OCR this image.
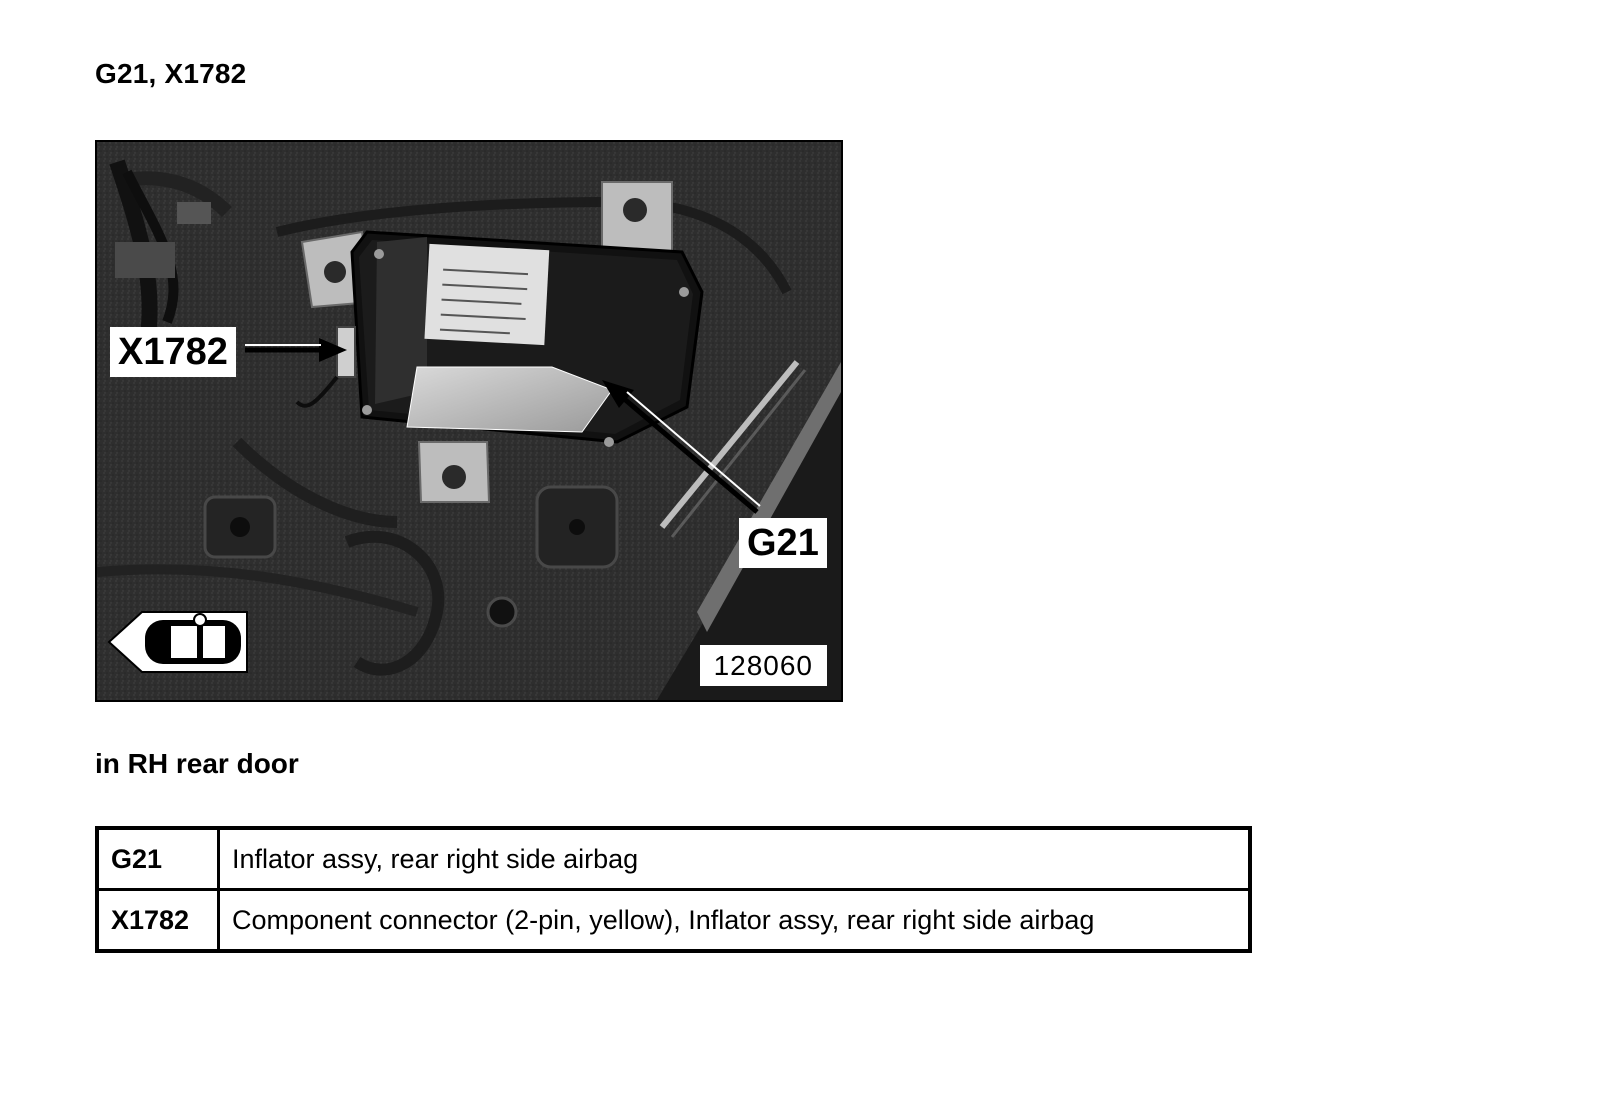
G21, X1782
X1782
G21
128060
in RH rear door
G21	Inflator assy, rear right side airbag
X1782	Component connector (2-pin, yellow), Inflator assy, rear right side airbag
